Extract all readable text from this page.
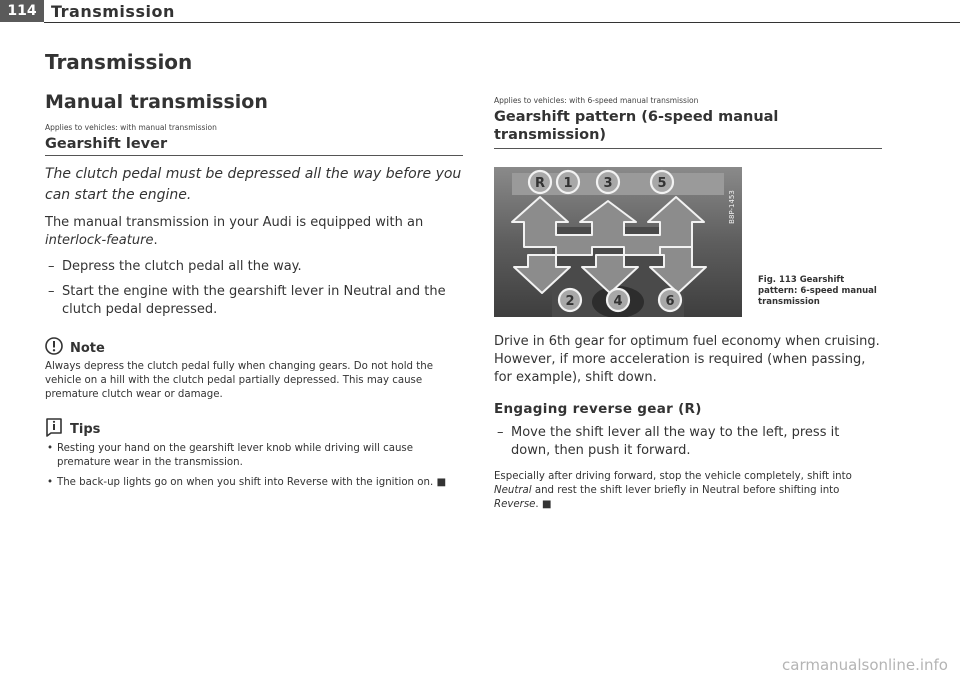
114 Transmission
Transmission
Manual transmission
Applies to vehicles: with manual transmission
Gearshift lever
The clutch pedal must be depressed all the way before you can start the engine.
The manual transmission in your Audi is equipped with an interlock-feature.
– Depress the clutch pedal all the way.
– Start the engine with the gearshift lever in Neutral and the clutch pedal depressed.
Note
Always depress the clutch pedal fully when changing gears. Do not hold the vehicle on a hill with the clutch pedal partially depressed. This may cause premature clutch wear or damage.
Tips
• Resting your hand on the gearshift lever knob while driving will cause premature wear in the transmission.
• The back-up lights go on when you shift into Reverse with the ignition on. ■
Applies to vehicles: with 6-speed manual transmission
Gearshift pattern (6-speed manual transmission)
R 1 3	5
2	4	6
B8P-1453
Fig. 113 Gearshift pattern: 6-speed manual transmission
Drive in 6th gear for optimum fuel economy when cruising. However, if more acceleration is required (when passing, for example), shift down.
Engaging reverse gear (R)
– Move the shift lever all the way to the left, press it down, then push it forward.
Especially after driving forward, stop the vehicle completely, shift into Neutral and rest the shift lever briefly in Neutral before shifting into Reverse. ■
carmanualsonline.info
